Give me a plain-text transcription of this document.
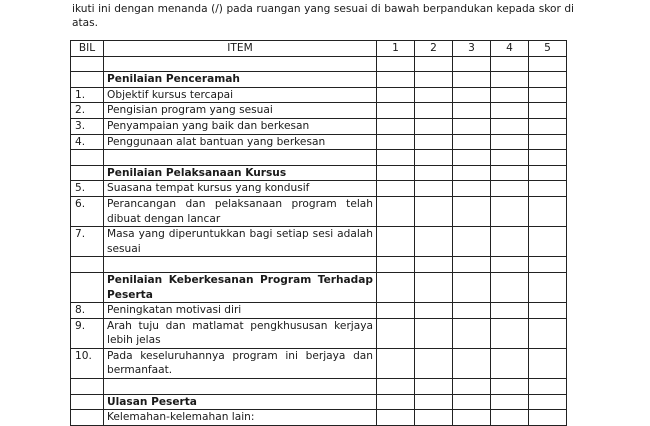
ikuti ini dengan menanda (/) pada ruangan yang sesuai di bawah berpandukan kepada skor di atas.

BIL	ITEM	1	2	3	4	5

	Penilaian Penceramah					
1.	Objektif kursus tercapai					
2.	Pengisian program yang sesuai					
3.	Penyampaian yang baik dan berkesan					
4.	Penggunaan alat bantuan yang berkesan					

	Penilaian Pelaksanaan Kursus					
5.	Suasana tempat kursus yang kondusif					
6.	Perancangan dan pelaksanaan program telah dibuat dengan lancar					
7.	Masa yang diperuntukkan bagi setiap sesi adalah sesuai					

	Penilaian Keberkesanan Program Terhadap Peserta					
8.	Peningkatan motivasi diri					
9.	Arah tuju dan matlamat pengkhususan kerjaya lebih jelas					
10.	Pada keseluruhannya program ini berjaya dan bermanfaat.					

	Ulasan Peserta					
	Kelemahan-kelemahan lain:					
